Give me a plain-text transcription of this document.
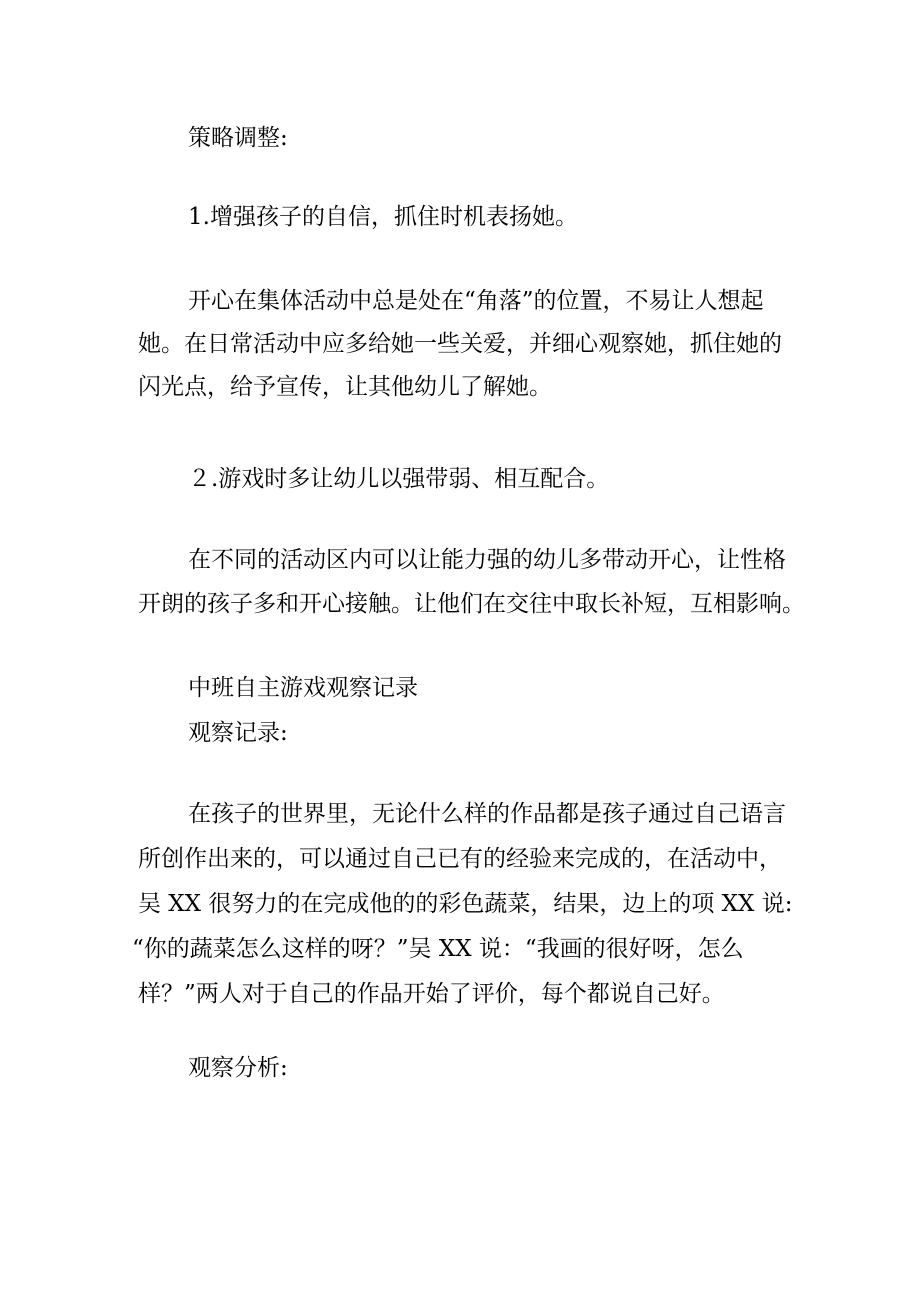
策略调整:

1.增强孩子的自信，抓住时机表扬她。

开心在集体活动中总是处在“角落”的位置，不易让人想起

她。在日常活动中应多给她一些关爱，并细心观察她，抓住她的

闪光点，给予宣传，让其他幼儿了解她。

２.游戏时多让幼儿以强带弱、相互配合。

在不同的活动区内可以让能力强的幼儿多带动开心，让性格

开朗的孩子多和开心接触。让他们在交往中取长补短，互相影响。

中班自主游戏观察记录

观察记录:

在孩子的世界里，无论什么样的作品都是孩子通过自己语言

所创作出来的，可以通过自己已有的经验来完成的，在活动中，

吴 XX 很努力的在完成他的的彩色蔬菜，结果，边上的项 XX 说:

“你的蔬菜怎么这样的呀？”吴 XX 说：“我画的很好呀，怎么

样？”两人对于自己的作品开始了评价，每个都说自己好。

观察分析:
